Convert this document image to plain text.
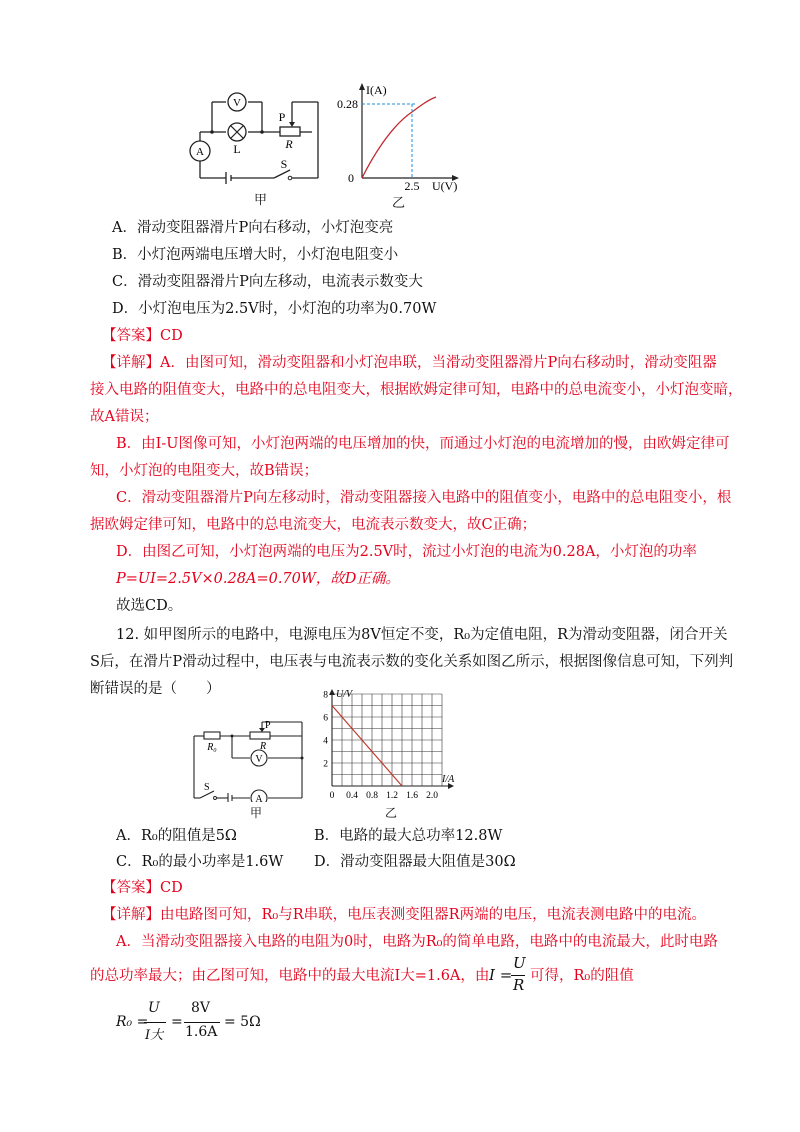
V
A L
P
R
S
甲
I(A)
0.28
0
2.5 U(V)
乙
A．滑动变阻器滑片P向右移动，小灯泡变亮
B．小灯泡两端电压增大时，小灯泡电阻变小
C．滑动变阻器滑片P向左移动，电流表示数变大
D．小灯泡电压为2.5V时，小灯泡的功率为0.70W
【答案】CD
【详解】A．由图可知，滑动变阻器和小灯泡串联，当滑动变阻器滑片P向右移动时，滑动变阻器
接入电路的阻值变大，电路中的总电阻变大，根据欧姆定律可知，电路中的总电流变小，小灯泡变暗，
故A错误；
B．由I-U图像可知，小灯泡两端的电压增加的快，而通过小灯泡的电流增加的慢，由欧姆定律可
知，小灯泡的电阻变大，故B错误；
C．滑动变阻器滑片P向左移动时，滑动变阻器接入电路中的阻值变小，电路中的总电阻变小，根
据欧姆定律可知，电路中的总电流变大，电流表示数变大，故C正确；
D．由图乙可知，小灯泡两端的电压为2.5V时，流过小灯泡的电流为0.28A，小灯泡的功率
P=UI=2.5V×0.28A=0.70W，故D正确。
故选CD。
12. 如甲图所示的电路中，电源电压为8V恒定不变，R₀为定值电阻，R为滑动变阻器，闭合开关
S后，在滑片P滑动过程中，电压表与电流表示数的变化关系如图乙所示，根据图像信息可知，下列判
断错误的是（　　）
R₀
P
R
V
A
S
甲
2
4
6
8
0 0.4 0.8 1.2 1.6 2.0
U/V
I/A
乙
A．R₀的阻值是5Ω	B．电路的最大总功率12.8W
C．R₀的最小功率是1.6W D．滑动变阻器最大阻值是30Ω
【答案】CD
【详解】由电路图可知，R₀与R串联，电压表测变阻器R两端的电压，电流表测电路中的电流。
A．当滑动变阻器接入电路的电阻为0时，电路为R₀的简单电路，电路中的电流最大，此时电路
的总功率最大；由乙图可知，电路中的最大电流I大=1.6A，由 I =
U
R 可得，R₀的阻值
R₀ =
U
I大
=
8V
1.6A
= 5Ω
